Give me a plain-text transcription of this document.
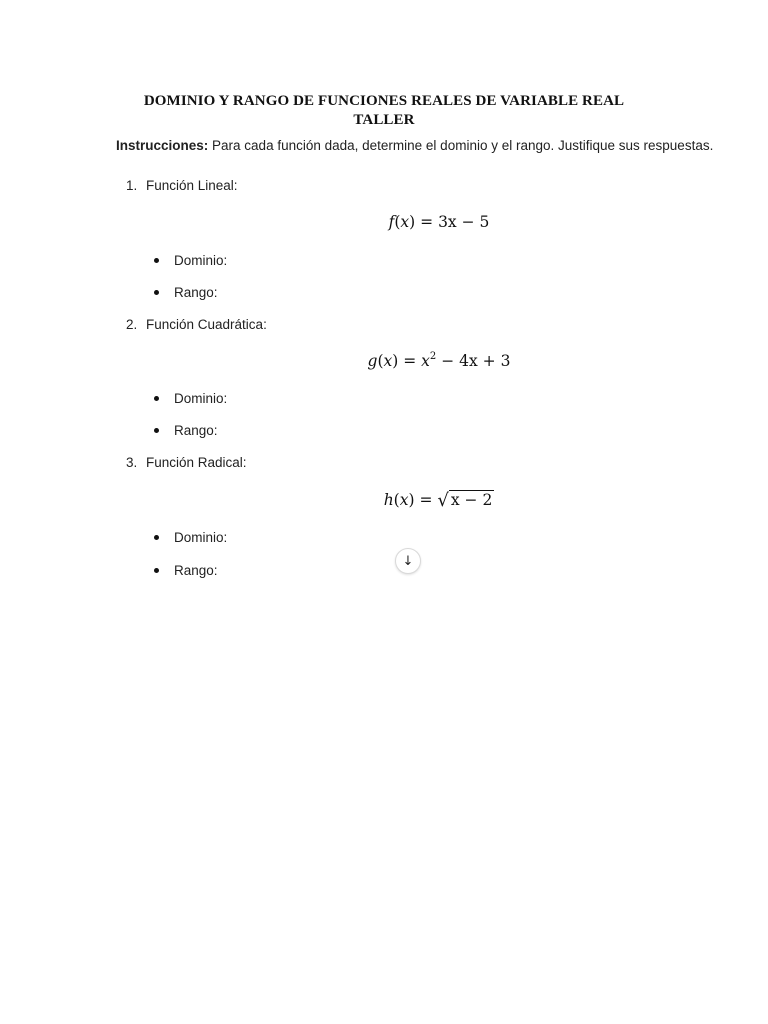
DOMINIO Y RANGO DE FUNCIONES REALES DE VARIABLE REAL
TALLER
Instrucciones: Para cada función dada, determine el dominio y el rango. Justifique sus respuestas.
1. Función Lineal:
f(x) = 3x − 5
Dominio:
Rango:
2. Función Cuadrática:
$g(x) = x^2 - 4x + 3$
Dominio:
Rango:
3. Función Radical:
h(x) = √ x − 2
Dominio:
Rango:
↓
